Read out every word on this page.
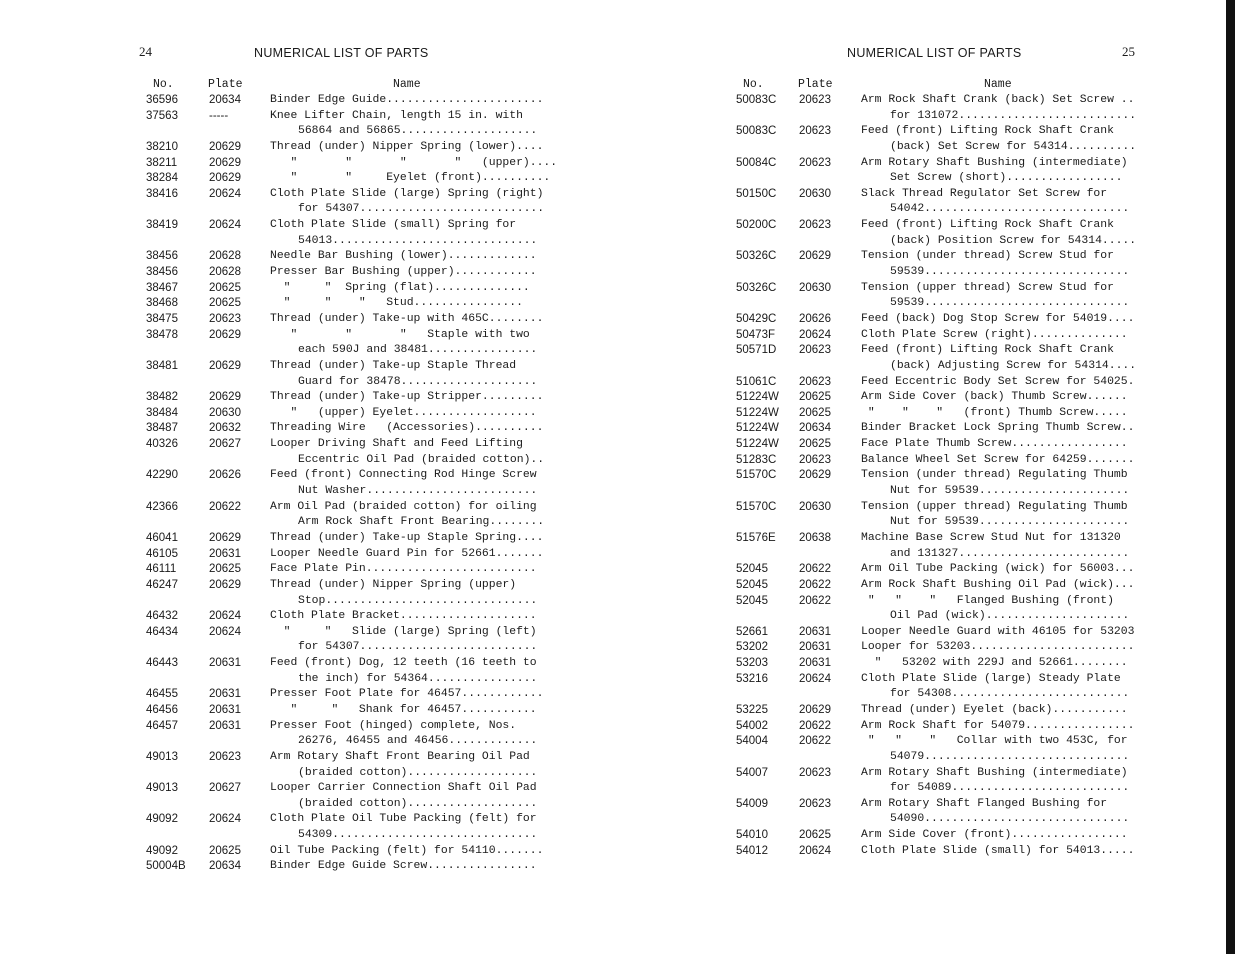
24	NUMERICAL LIST OF PARTS
No.	Plate	Name
36596	20634	Binder Edge Guide.......................
37563	-----	Knee Lifter Chain, length 15 in. with
56864 and 56865....................
38210	20629	Thread (under) Nipper Spring (lower)....
38211	20629	"       "       "       "   (upper)....
38284	20629	"       "     Eyelet (front)..........
38416	20624	Cloth Plate Slide (large) Spring (right)
for 54307...........................
38419	20624	Cloth Plate Slide (small) Spring for
54013..............................
38456	20628	Needle Bar Bushing (lower).............
38456	20628	Presser Bar Bushing (upper)............
38467	20625	"     "  Spring (flat)..............
38468	20625	"     "    "   Stud................
38475	20623	Thread (under) Take-up with 465C........
38478	20629	"       "       "   Staple with two
each 590J and 38481................
38481	20629	Thread (under) Take-up Staple Thread
Guard for 38478....................
38482	20629	Thread (under) Take-up Stripper.........
38484	20630	"   (upper) Eyelet..................
38487	20632	Threading Wire   (Accessories)..........
40326	20627	Looper Driving Shaft and Feed Lifting
Eccentric Oil Pad (braided cotton)..
42290	20626	Feed (front) Connecting Rod Hinge Screw
Nut Washer.........................
42366	20622	Arm Oil Pad (braided cotton) for oiling
Arm Rock Shaft Front Bearing........
46041	20629	Thread (under) Take-up Staple Spring....
46105	20631	Looper Needle Guard Pin for 52661.......
46111	20625	Face Plate Pin.........................
46247	20629	Thread (under) Nipper Spring (upper)
Stop...............................
46432	20624	Cloth Plate Bracket....................
46434	20624	"     "   Slide (large) Spring (left)
for 54307..........................
46443	20631	Feed (front) Dog, 12 teeth (16 teeth to
the inch) for 54364................
46455	20631	Presser Foot Plate for 46457............
46456	20631	"     "   Shank for 46457...........
46457	20631	Presser Foot (hinged) complete, Nos.
26276, 46455 and 46456.............
49013	20623	Arm Rotary Shaft Front Bearing Oil Pad
(braided cotton)...................
49013	20627	Looper Carrier Connection Shaft Oil Pad
(braided cotton)...................
49092	20624	Cloth Plate Oil Tube Packing (felt) for
54309..............................
49092	20625	Oil Tube Packing (felt) for 54110.......
50004B 20634	Binder Edge Guide Screw................
NUMERICAL LIST OF PARTS	25
No.	Plate	Name
50083C 20623	Arm Rock Shaft Crank (back) Set Screw ..
for 131072..........................
50083C 20623	Feed (front) Lifting Rock Shaft Crank
(back) Set Screw for 54314..........
50084C 20623	Arm Rotary Shaft Bushing (intermediate)
Set Screw (short).................
50150C 20630	Slack Thread Regulator Set Screw for
54042..............................
50200C 20623	Feed (front) Lifting Rock Shaft Crank
(back) Position Screw for 54314.....
50326C 20629	Tension (under thread) Screw Stud for
59539..............................
50326C 20630	Tension (upper thread) Screw Stud for
59539..............................
50429C 20626	Feed (back) Dog Stop Screw for 54019....
50473F 20624	Cloth Plate Screw (right)..............
50571D 20623	Feed (front) Lifting Rock Shaft Crank
(back) Adjusting Screw for 54314....
51061C 20623	Feed Eccentric Body Set Screw for 54025.
51224W 20625	Arm Side Cover (back) Thumb Screw......
51224W 20625	"    "    "   (front) Thumb Screw.....
51224W 20634	Binder Bracket Lock Spring Thumb Screw..
51224W 20625	Face Plate Thumb Screw.................
51283C 20623	Balance Wheel Set Screw for 64259.......
51570C 20629	Tension (under thread) Regulating Thumb
Nut for 59539......................
51570C 20630	Tension (upper thread) Regulating Thumb
Nut for 59539......................
51576E 20638	Machine Base Screw Stud Nut for 131320
and 131327.........................
52045	20622	Arm Oil Tube Packing (wick) for 56003...
52045	20622	Arm Rock Shaft Bushing Oil Pad (wick)...
52045	20622	"   "    "   Flanged Bushing (front)
Oil Pad (wick).....................
52661	20631	Looper Needle Guard with 46105 for 53203
53202	20631	Looper for 53203........................
53203	20631	"   53202 with 229J and 52661........
53216	20624	Cloth Plate Slide (large) Steady Plate
for 54308..........................
53225	20629	Thread (under) Eyelet (back)...........
54002	20622	Arm Rock Shaft for 54079................
54004	20622	"   "    "   Collar with two 453C, for
54079..............................
54007	20623	Arm Rotary Shaft Bushing (intermediate)
for 54089..........................
54009	20623	Arm Rotary Shaft Flanged Bushing for
54090..............................
54010	20625	Arm Side Cover (front).................
54012	20624	Cloth Plate Slide (small) for 54013.....
